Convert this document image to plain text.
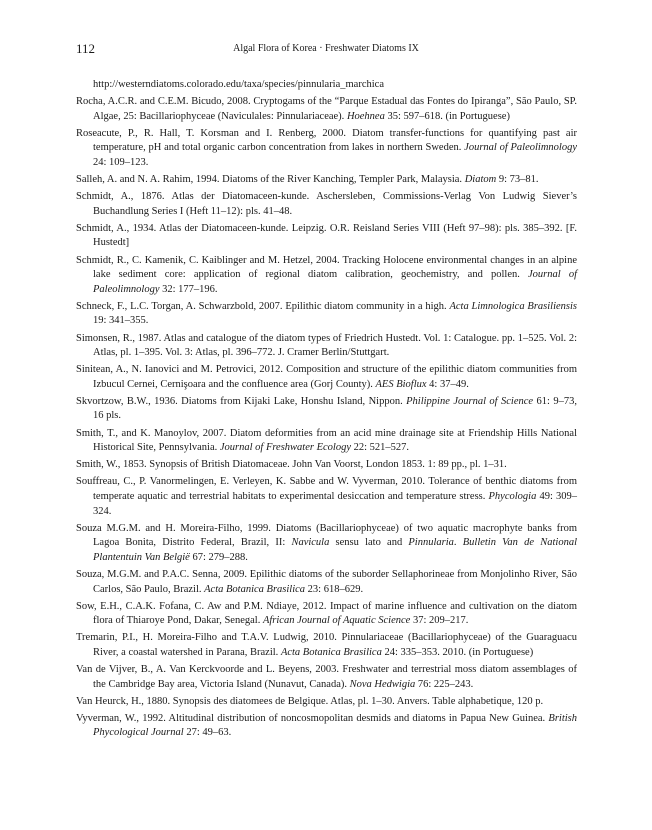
112	Algal Flora of Korea · Freshwater Diatoms IX
http://westerndiatoms.colorado.edu/taxa/species/pinnularia_marchica
Rocha, A.C.R. and C.E.M. Bicudo, 2008. Cryptogams of the “Parque Estadual das Fontes do Ipiranga”, São Paulo, SP. Algae, 25: Bacillariophyceae (Naviculales: Pinnulariaceae). Hoehnea 35: 597–618. (in Portuguese)
Roseacute, P., R. Hall, T. Korsman and I. Renberg, 2000. Diatom transfer-functions for quantifying past air temperature, pH and total organic carbon concentration from lakes in northern Sweden. Journal of Paleolimnology 24: 109–123.
Salleh, A. and N. A. Rahim, 1994. Diatoms of the River Kanching, Templer Park, Malaysia. Diatom 9: 73–81.
Schmidt, A., 1876. Atlas der Diatomaceen-kunde. Aschersleben, Commissions-Verlag Von Ludwig Siever’s Buchandlung Series I (Heft 11–12): pls. 41–48.
Schmidt, A., 1934. Atlas der Diatomaceen-kunde. Leipzig. O.R. Reisland Series VIII (Heft 97–98): pls. 385–392. [F. Hustedt]
Schmidt, R., C. Kamenik, C. Kaiblinger and M. Hetzel, 2004. Tracking Holocene environmental changes in an alpine lake sediment core: application of regional diatom calibration, geochemistry, and pollen. Journal of Paleolimnology 32: 177–196.
Schneck, F., L.C. Torgan, A. Schwarzbold, 2007. Epilithic diatom community in a high. Acta Limnologica Brasiliensis 19: 341–355.
Simonsen, R., 1987. Atlas and catalogue of the diatom types of Friedrich Hustedt. Vol. 1: Catalogue. pp. 1–525. Vol. 2: Atlas, pl. 1–395. Vol. 3: Atlas, pl. 396–772. J. Cramer Berlin/Stuttgart.
Sinitean, A., N. Ianovici and M. Petrovici, 2012. Composition and structure of the epilithic diatom communities from Izbucul Cernei, Cernişoara and the confluence area (Gorj County). AES Bioflux 4: 37–49.
Skvortzow, B.W., 1936. Diatoms from Kijaki Lake, Honshu Island, Nippon. Philippine Journal of Science 61: 9–73, 16 pls.
Smith, T., and K. Manoylov, 2007. Diatom deformities from an acid mine drainage site at Friendship Hills National Historical Site, Pennsylvania. Journal of Freshwater Ecology 22: 521–527.
Smith, W., 1853. Synopsis of British Diatomaceae. John Van Voorst, London 1853. 1: 89 pp., pl. 1–31.
Souffreau, C., P. Vanormelingen, E. Verleyen, K. Sabbe and W. Vyverman, 2010. Tolerance of benthic diatoms from temperate aquatic and terrestrial habitats to experimental desiccation and temperature stress. Phycologia 49: 309–324.
Souza M.G.M. and H. Moreira-Filho, 1999. Diatoms (Bacillariophyceae) of two aquatic macrophyte banks from Lagoa Bonita, Distrito Federal, Brazil, II: Navicula sensu lato and Pinnularia. Bulletin Van de National Plantentuin Van België 67: 279–288.
Souza, M.G.M. and P.A.C. Senna, 2009. Epilithic diatoms of the suborder Sellaphorineae from Monjolinho River, São Carlos, São Paulo, Brazil. Acta Botanica Brasilica 23: 618–629.
Sow, E.H., C.A.K. Fofana, C. Aw and P.M. Ndiaye, 2012. Impact of marine influence and cultivation on the diatom flora of Thiaroye Pond, Dakar, Senegal. African Journal of Aquatic Science 37: 209–217.
Tremarin, P.I., H. Moreira-Filho and T.A.V. Ludwig, 2010. Pinnulariaceae (Bacillariophyceae) of the Guaraguacu River, a coastal watershed in Parana, Brazil. Acta Botanica Brasilica 24: 335–353. 2010. (in Portuguese)
Van de Vijver, B., A. Van Kerckvoorde and L. Beyens, 2003. Freshwater and terrestrial moss diatom assemblages of the Cambridge Bay area, Victoria Island (Nunavut, Canada). Nova Hedwigia 76: 225–243.
Van Heurck, H., 1880. Synopsis des diatomees de Belgique. Atlas, pl. 1–30. Anvers. Table alphabetique, 120 p.
Vyverman, W., 1992. Altitudinal distribution of noncosmopolitan desmids and diatoms in Papua New Guinea. British Phycological Journal 27: 49–63.
